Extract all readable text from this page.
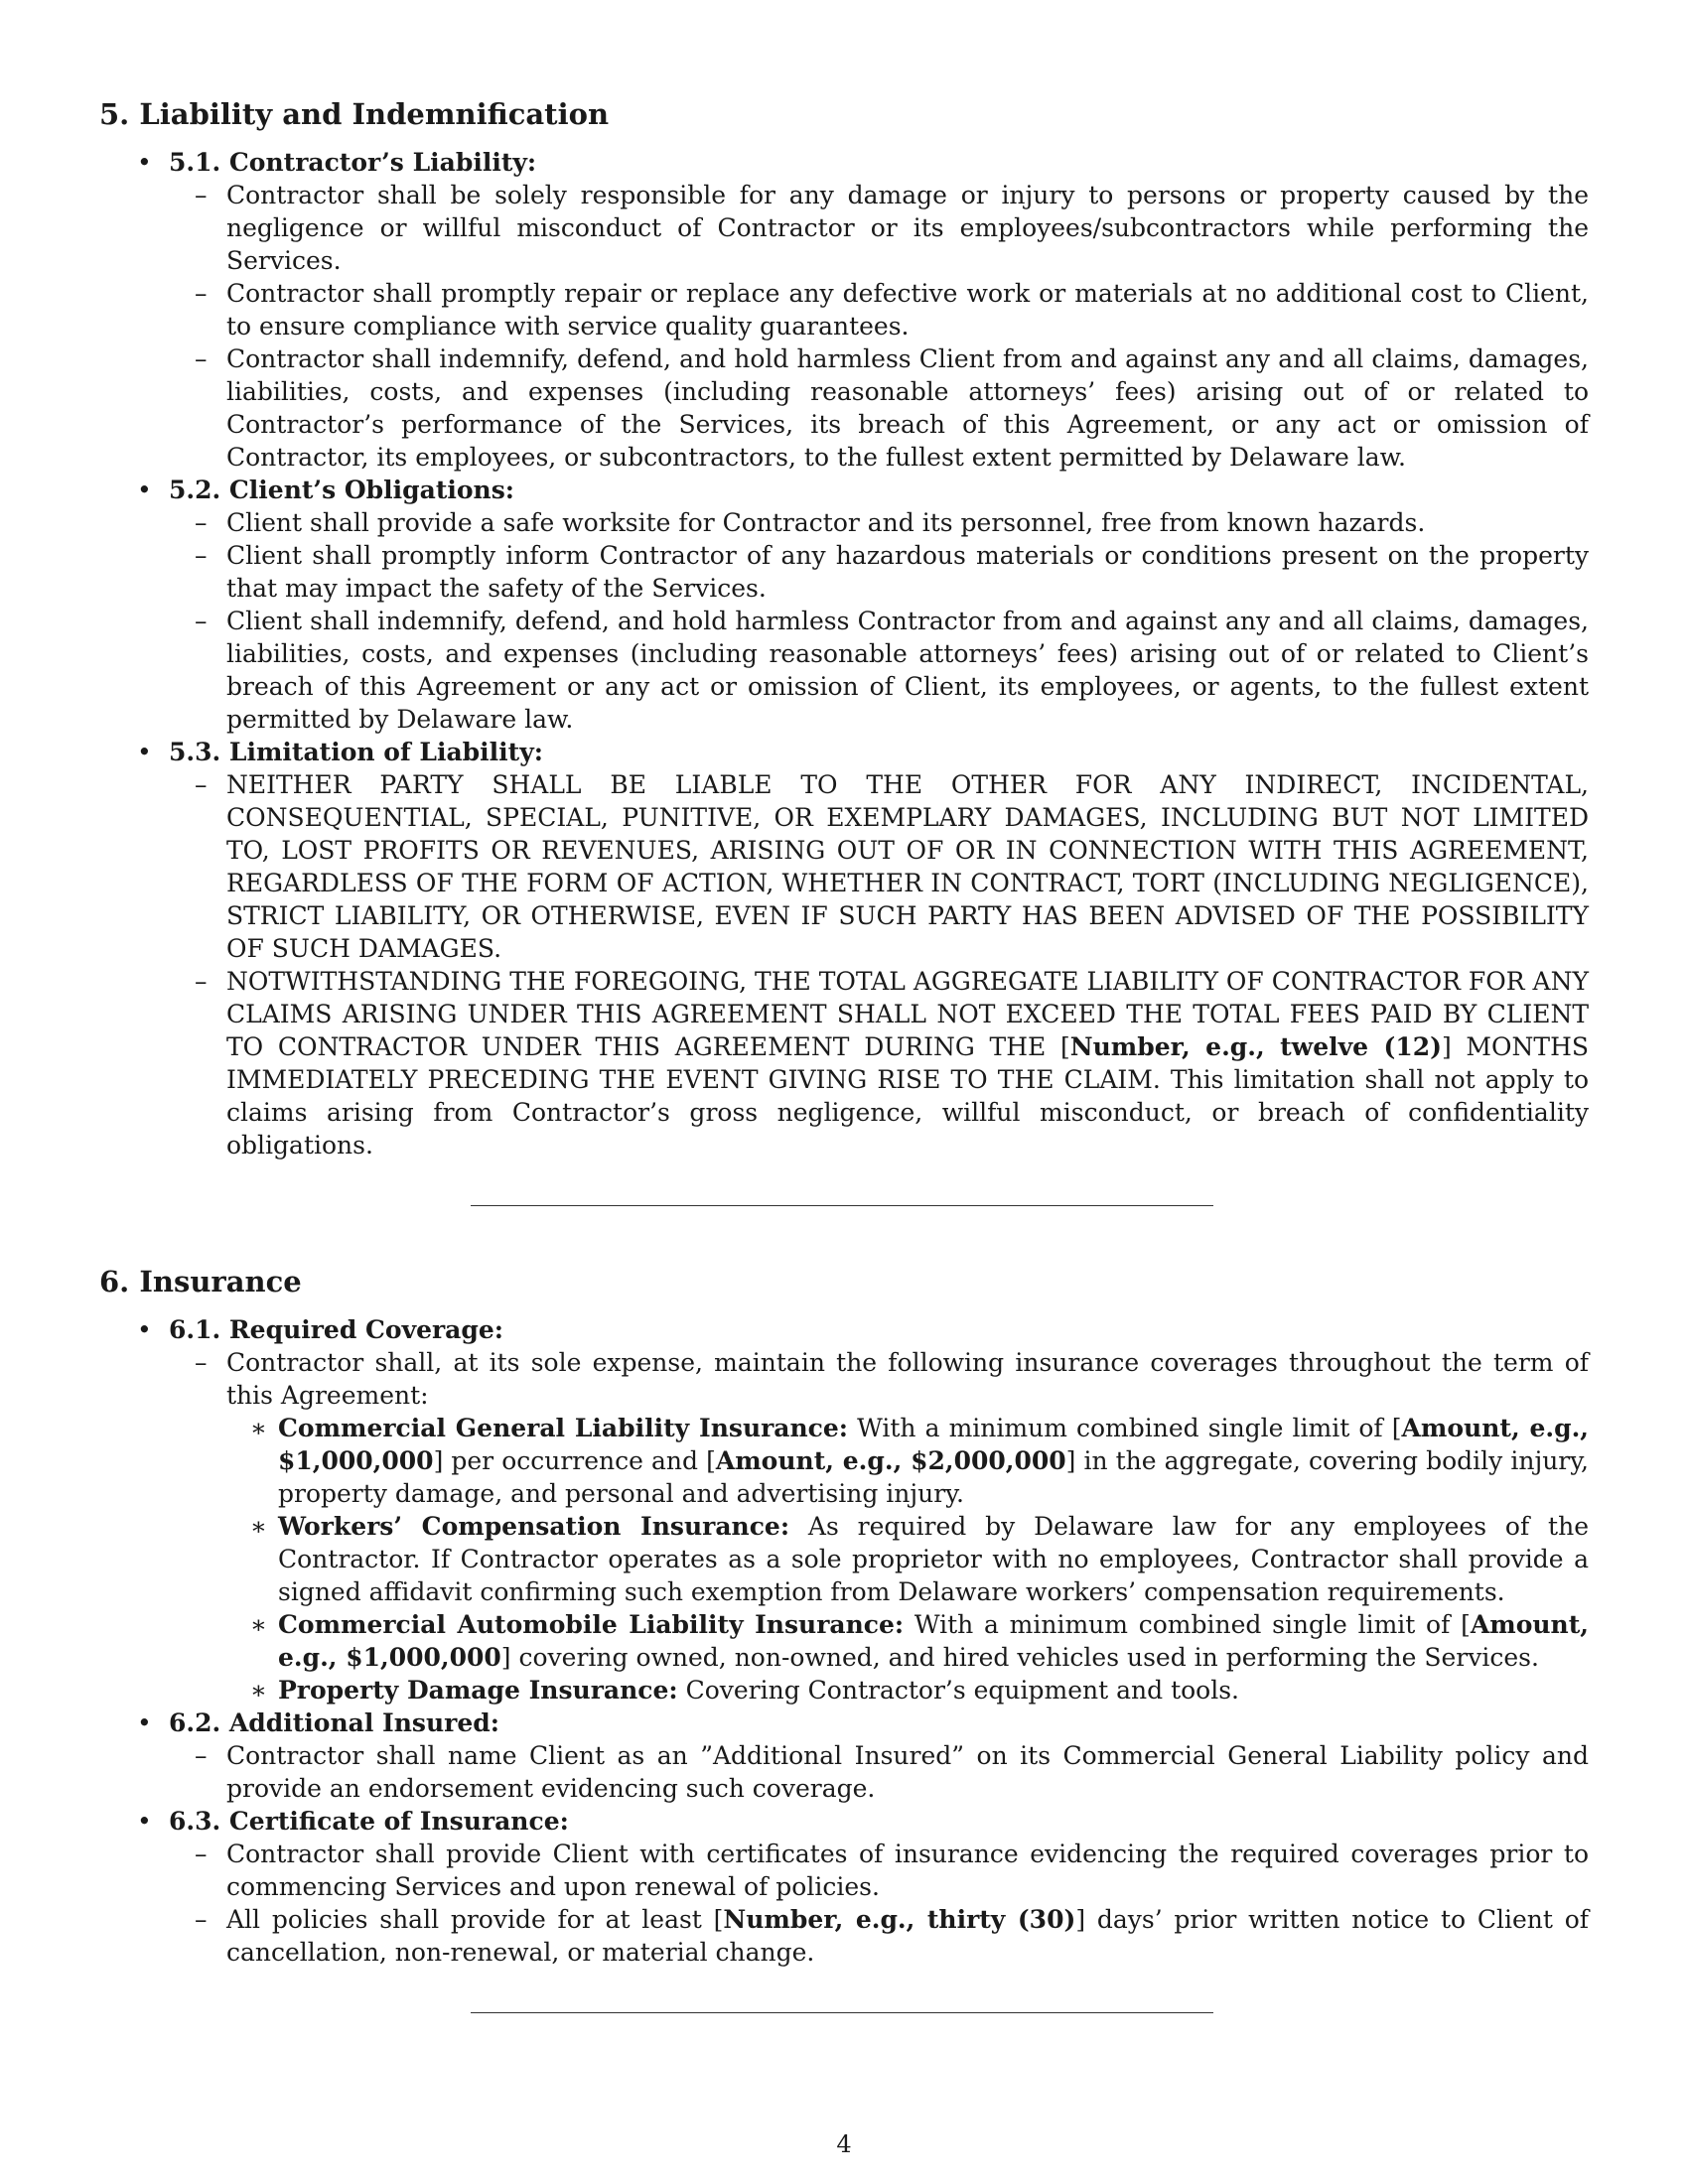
5. Liability and Indemnification
• 5.1. Contractor’s Liability:
– Contractor shall be solely responsible for any damage or injury to persons or property caused by the negligence or willful misconduct of Contractor or its employees/subcontractors while performing the Services.
– Contractor shall promptly repair or replace any defective work or materials at no additional cost to Client, to ensure compliance with service quality guarantees.
– Contractor shall indemnify, defend, and hold harmless Client from and against any and all claims, damages, liabilities, costs, and expenses (including reasonable attorneys’ fees) arising out of or related to Contractor’s performance of the Services, its breach of this Agreement, or any act or omission of Contractor, its employees, or subcontractors, to the fullest extent permitted by Delaware law.
• 5.2. Client’s Obligations:
– Client shall provide a safe worksite for Contractor and its personnel, free from known hazards.
– Client shall promptly inform Contractor of any hazardous materials or conditions present on the property that may impact the safety of the Services.
– Client shall indemnify, defend, and hold harmless Contractor from and against any and all claims, damages, liabilities, costs, and expenses (including reasonable attorneys’ fees) arising out of or related to Client’s breach of this Agreement or any act or omission of Client, its employees, or agents, to the fullest extent permitted by Delaware law.
• 5.3. Limitation of Liability:
– NEITHER PARTY SHALL BE LIABLE TO THE OTHER FOR ANY INDIRECT, INCIDENTAL, CONSEQUENTIAL, SPECIAL, PUNITIVE, OR EXEMPLARY DAMAGES, INCLUDING BUT NOT LIMITED TO, LOST PROFITS OR REVENUES, ARISING OUT OF OR IN CONNECTION WITH THIS AGREEMENT, REGARDLESS OF THE FORM OF ACTION, WHETHER IN CONTRACT, TORT (INCLUDING NEGLIGENCE), STRICT LIABILITY, OR OTHERWISE, EVEN IF SUCH PARTY HAS BEEN ADVISED OF THE POSSIBILITY OF SUCH DAMAGES.
– NOTWITHSTANDING THE FOREGOING, THE TOTAL AGGREGATE LIABILITY OF CONTRACTOR FOR ANY CLAIMS ARISING UNDER THIS AGREEMENT SHALL NOT EXCEED THE TOTAL FEES PAID BY CLIENT TO CONTRACTOR UNDER THIS AGREEMENT DURING THE [Number, e.g., twelve (12)] MONTHS IMMEDIATELY PRECEDING THE EVENT GIVING RISE TO THE CLAIM. This limitation shall not apply to claims arising from Contractor’s gross negligence, willful misconduct, or breach of confidentiality obligations.
6. Insurance
• 6.1. Required Coverage:
– Contractor shall, at its sole expense, maintain the following insurance coverages throughout the term of this Agreement:
∗ Commercial General Liability Insurance: With a minimum combined single limit of [Amount, e.g., $1,000,000] per occurrence and [Amount, e.g., $2,000,000] in the aggregate, covering bodily injury, property damage, and personal and advertising injury.
∗ Workers’ Compensation Insurance: As required by Delaware law for any employees of the Contractor. If Contractor operates as a sole proprietor with no employees, Contractor shall provide a signed affidavit confirming such exemption from Delaware workers’ compensation requirements.
∗ Commercial Automobile Liability Insurance: With a minimum combined single limit of [Amount, e.g., $1,000,000] covering owned, non-owned, and hired vehicles used in performing the Services.
∗ Property Damage Insurance: Covering Contractor’s equipment and tools.
• 6.2. Additional Insured:
– Contractor shall name Client as an ”Additional Insured” on its Commercial General Liability policy and provide an endorsement evidencing such coverage.
• 6.3. Certificate of Insurance:
– Contractor shall provide Client with certificates of insurance evidencing the required coverages prior to commencing Services and upon renewal of policies.
– All policies shall provide for at least [Number, e.g., thirty (30)] days’ prior written notice to Client of cancellation, non-renewal, or material change.
4
